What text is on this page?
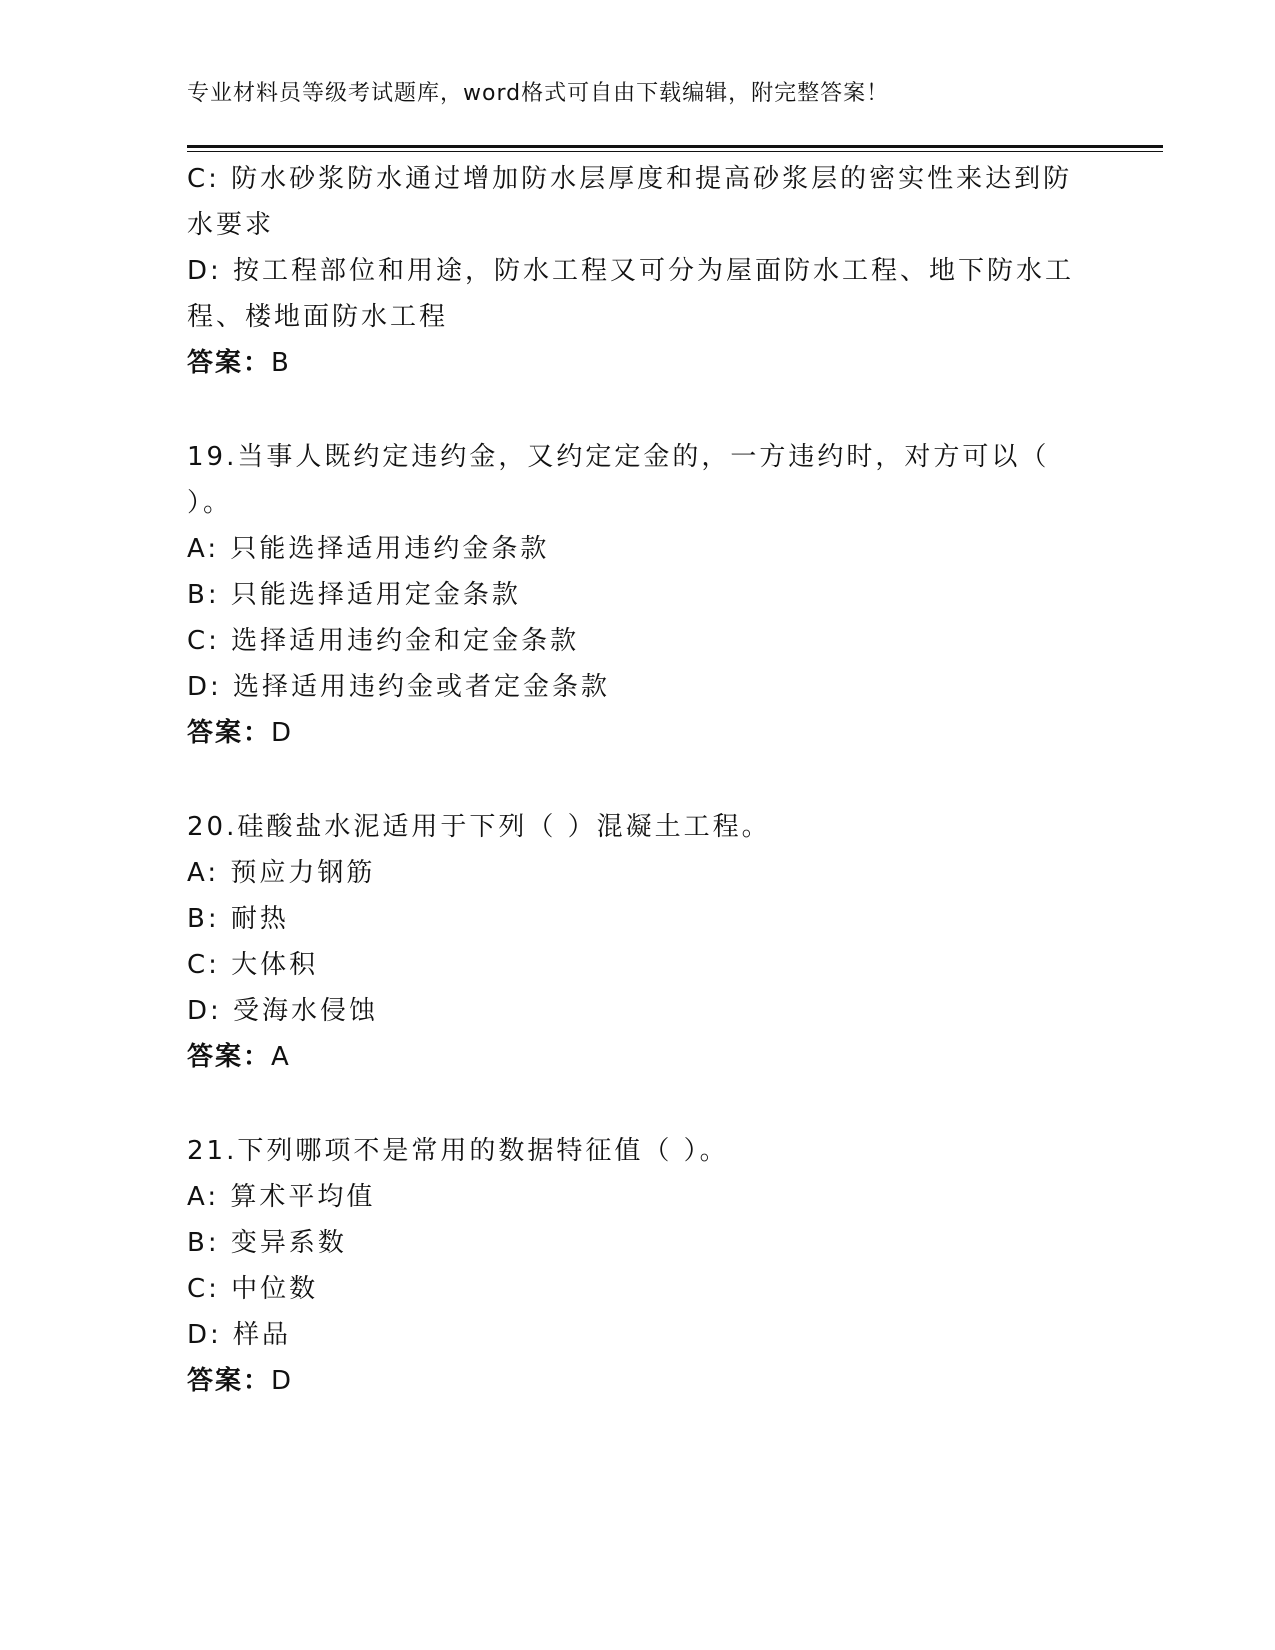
专业材料员等级考试题库，word格式可自由下载编辑，附完整答案！
C: 防水砂浆防水通过增加防水层厚度和提高砂浆层的密实性来达到防
水要求
D: 按工程部位和用途，防水工程又可分为屋面防水工程、地下防水工
程、楼地面防水工程
答案：B
19.当事人既约定违约金，又约定定金的，一方违约时，对方可以（
）。
A: 只能选择适用违约金条款
B: 只能选择适用定金条款
C: 选择适用违约金和定金条款
D: 选择适用违约金或者定金条款
答案：D
20.硅酸盐水泥适用于下列（ ）混凝土工程。
A: 预应力钢筋
B: 耐热
C: 大体积
D: 受海水侵蚀
答案：A
21.下列哪项不是常用的数据特征值（ ）。
A: 算术平均值
B: 变异系数
C: 中位数
D: 样品
答案：D
